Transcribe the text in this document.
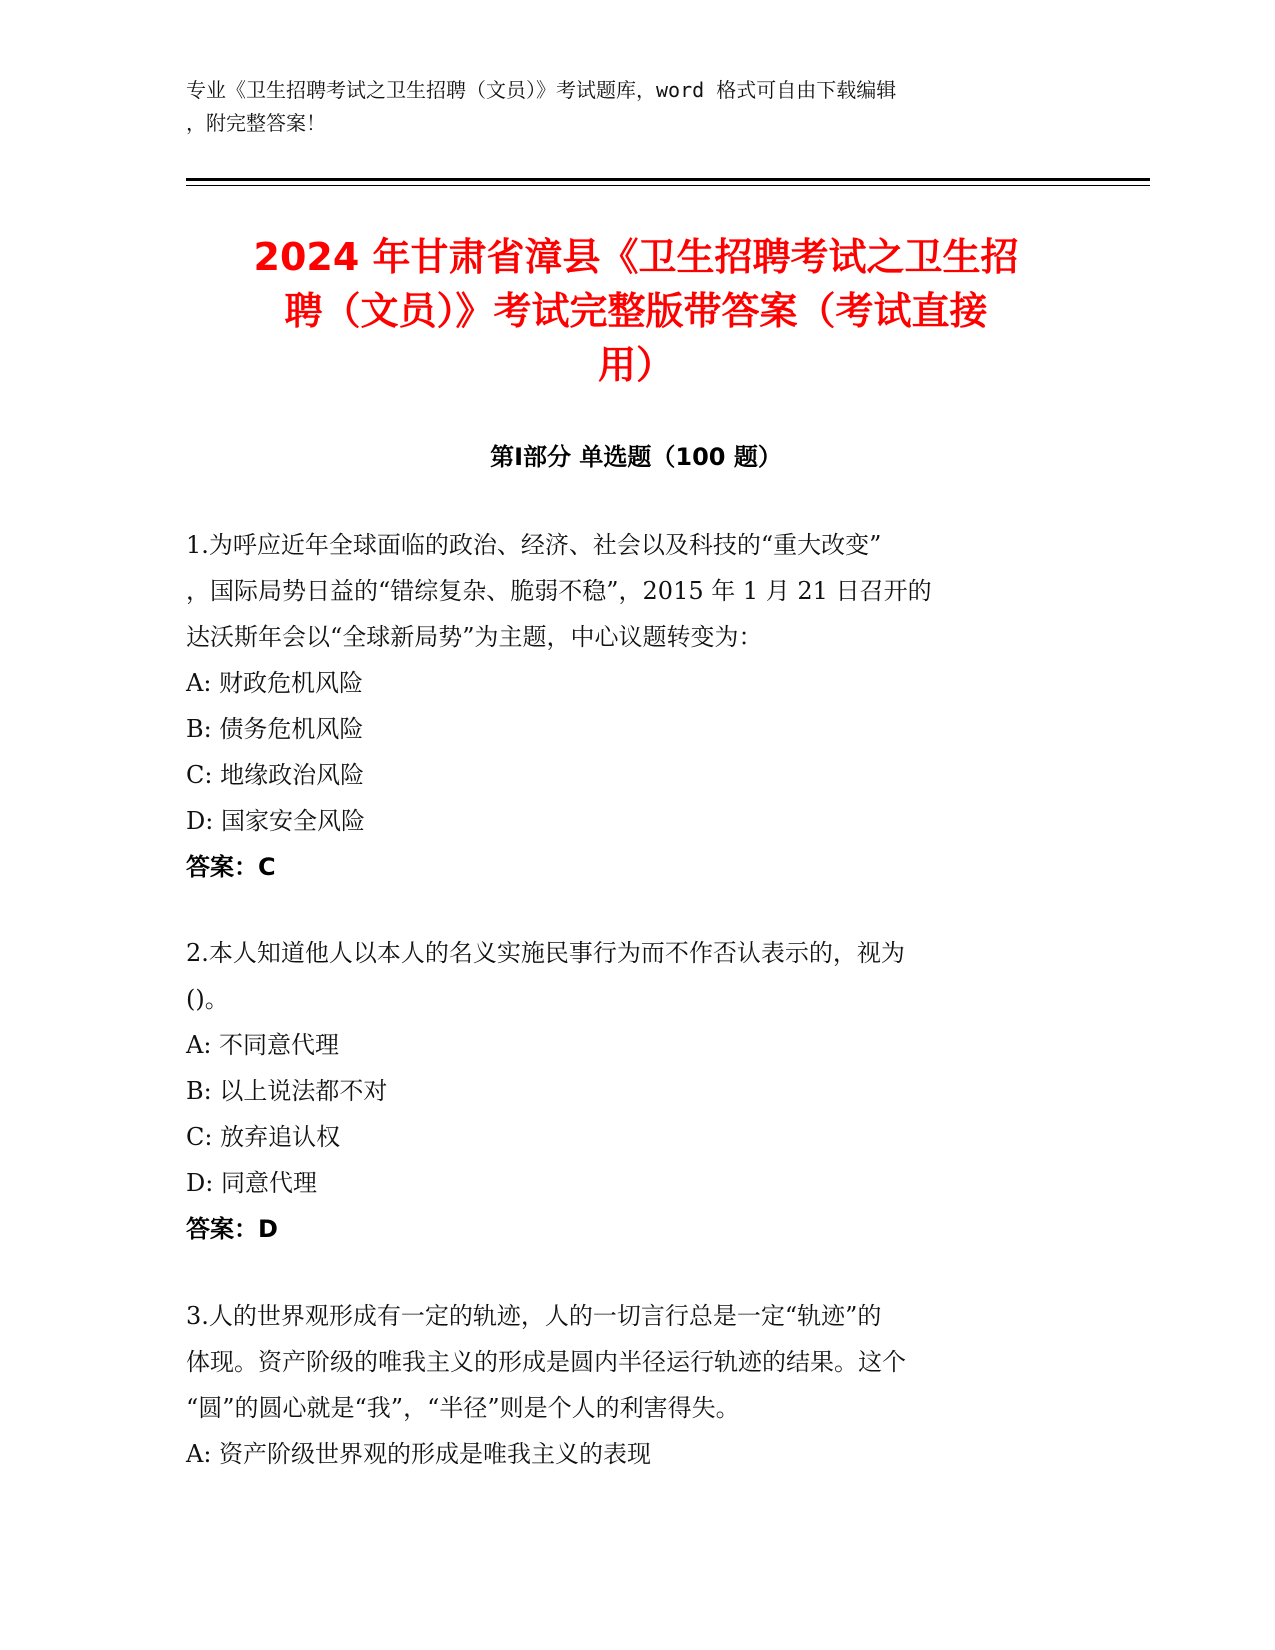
专业《卫生招聘考试之卫生招聘（文员）》考试题库，word 格式可自由下载编辑
，附完整答案！
2024 年甘肃省漳县《卫生招聘考试之卫生招
聘（文员）》考试完整版带答案（考试直接
用）
第Ⅰ部分 单选题（100 题）
1.为呼应近年全球面临的政治、经济、社会以及科技的“重大改变”
，国际局势日益的“错综复杂、脆弱不稳”，2015 年 1 月 21 日召开的
达沃斯年会以“全球新局势”为主题，中心议题转变为：
A: 财政危机风险
B: 债务危机风险
C: 地缘政治风险
D: 国家安全风险
答案：C
2.本人知道他人以本人的名义实施民事行为而不作否认表示的，视为
()。
A: 不同意代理
B: 以上说法都不对
C: 放弃追认权
D: 同意代理
答案：D
3.人的世界观形成有一定的轨迹，人的一切言行总是一定“轨迹”的
体现。资产阶级的唯我主义的形成是圆内半径运行轨迹的结果。这个
“圆”的圆心就是“我”，“半径”则是个人的利害得失。
A: 资产阶级世界观的形成是唯我主义的表现
